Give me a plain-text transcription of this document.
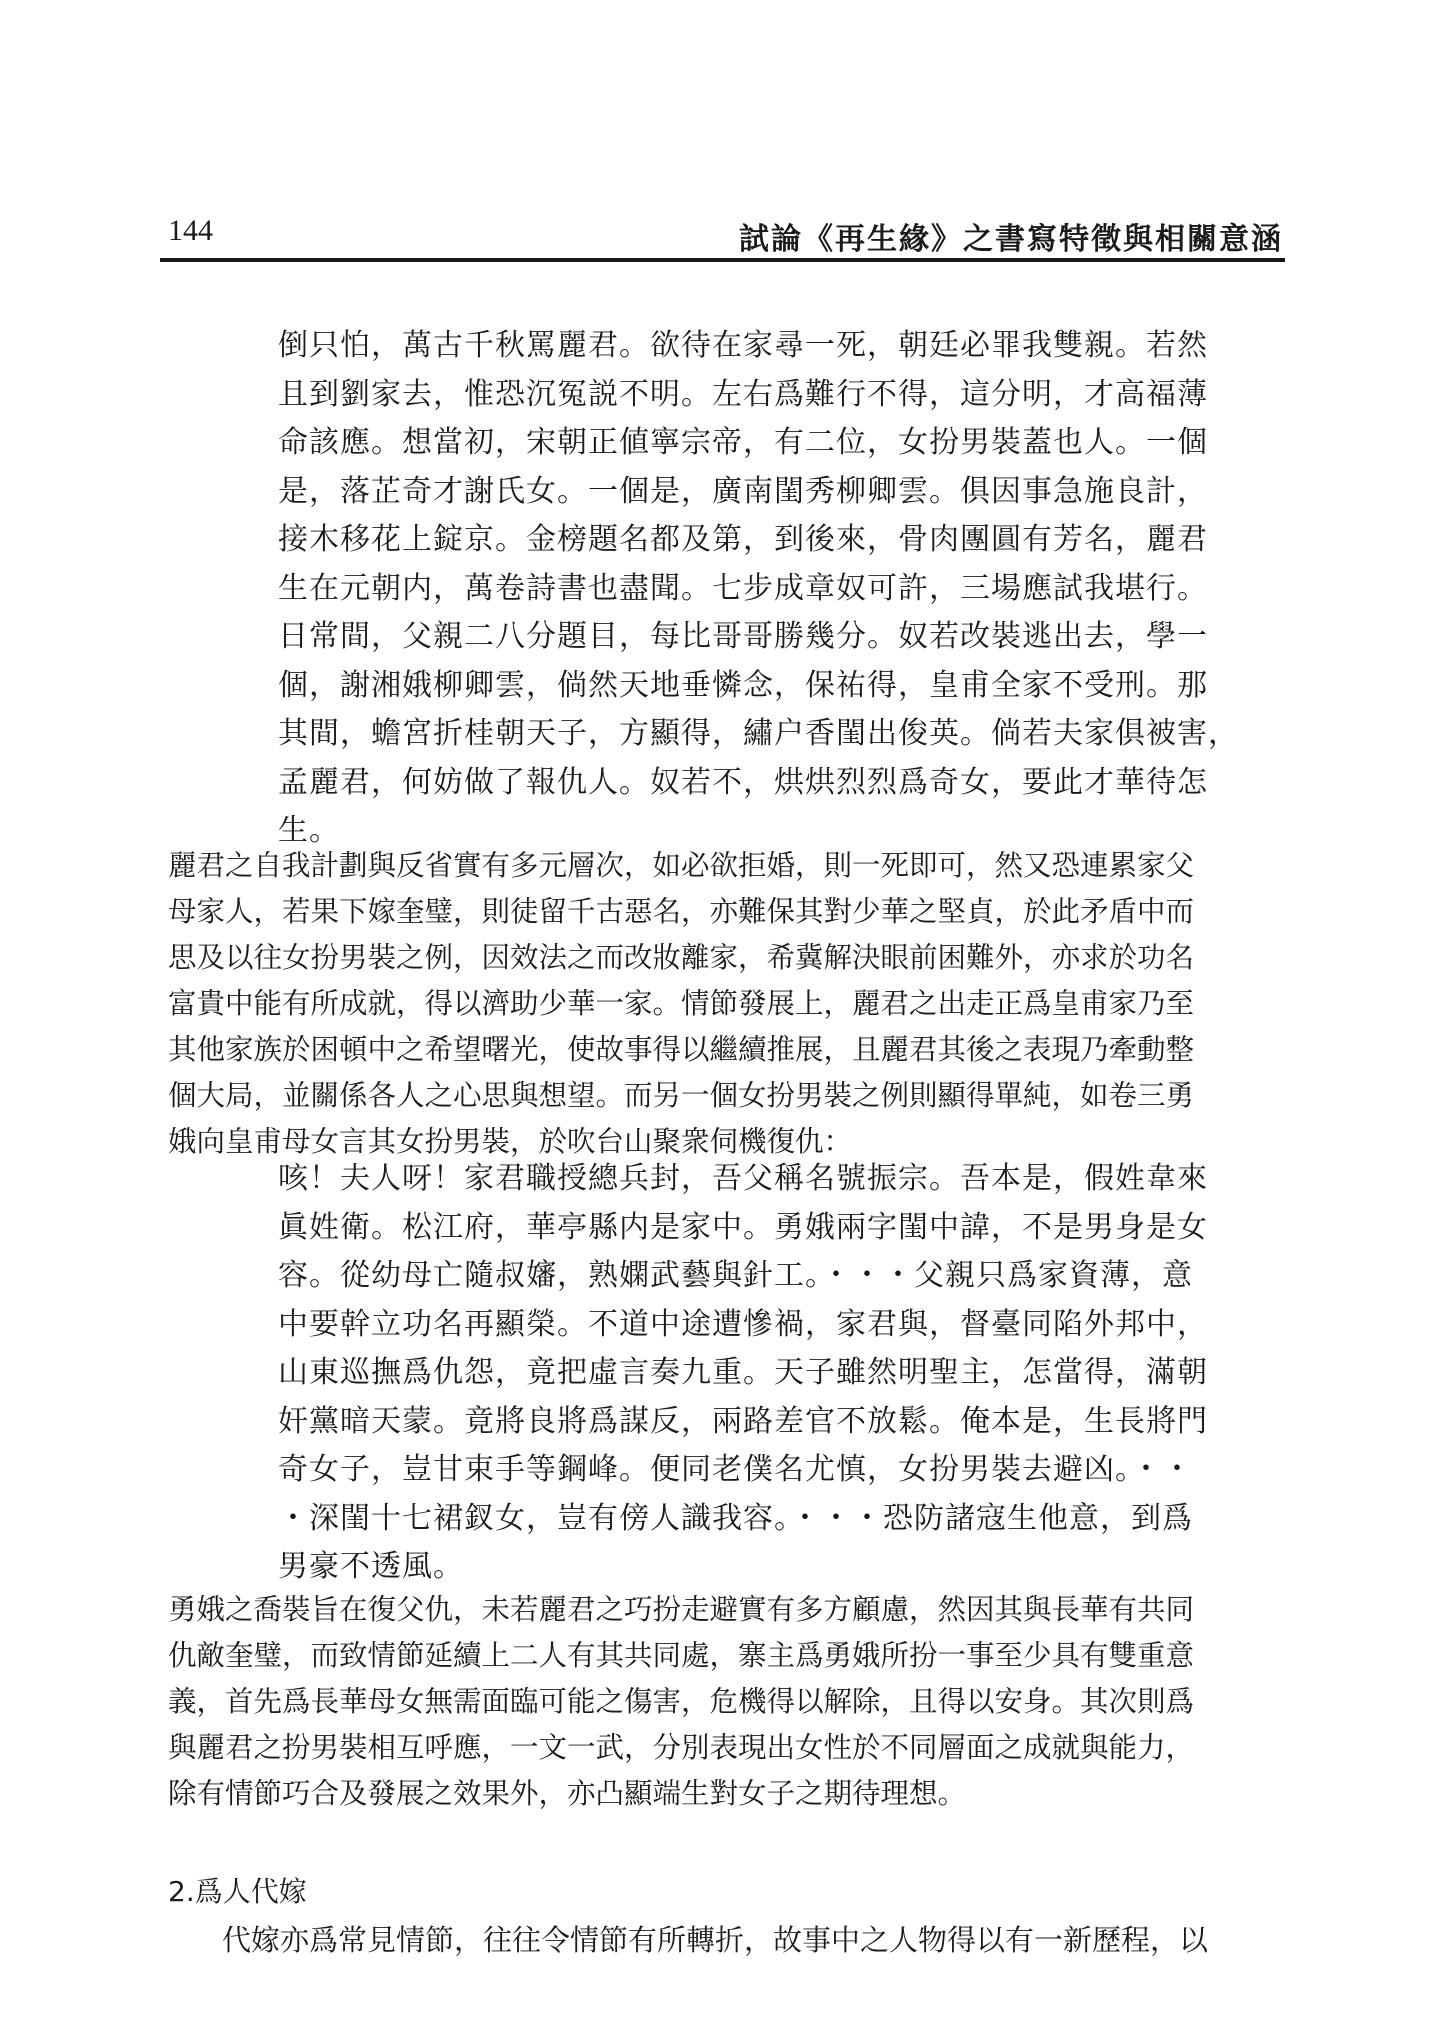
144	試論《再生緣》之書寫特徵與相關意涵
倒只怕，萬古千秋罵麗君。欲待在家尋一死，朝廷必罪我雙親。若然
且到劉家去，惟恐沉冤説不明。左右爲難行不得，這分明，才高福薄
命該應。想當初，宋朝正値寧宗帝，有二位，女扮男裝蓋也人。一個
是，落芷奇才謝氏女。一個是，廣南閨秀柳卿雲。俱因事急施良計，
接木移花上錠京。金榜題名都及第，到後來，骨肉團圓有芳名，麗君
生在元朝内，萬卷詩書也盡聞。七步成章奴可許，三場應試我堪行。
日常間，父親二八分題目，每比哥哥勝幾分。奴若改裝逃出去，學一
個，謝湘娥柳卿雲，倘然天地垂憐念，保祐得，皇甫全家不受刑。那
其間，蟾宮折桂朝天子，方顯得，繡户香閨出俊英。倘若夫家俱被害，
孟麗君，何妨做了報仇人。奴若不，烘烘烈烈爲奇女，要此才華待怎
生。
麗君之自我計劃與反省實有多元層次，如必欲拒婚，則一死即可，然又恐連累家父
母家人，若果下嫁奎璧，則徒留千古惡名，亦難保其對少華之堅貞，於此矛盾中而
思及以往女扮男裝之例，因效法之而改妝離家，希冀解決眼前困難外，亦求於功名
富貴中能有所成就，得以濟助少華一家。情節發展上，麗君之出走正爲皇甫家乃至
其他家族於困頓中之希望曙光，使故事得以繼續推展，且麗君其後之表現乃牽動整
個大局，並關係各人之心思與想望。而另一個女扮男裝之例則顯得單純，如卷三勇
娥向皇甫母女言其女扮男裝，於吹台山聚衆伺機復仇：
咳！夫人呀！家君職授總兵封，吾父稱名號振宗。吾本是，假姓韋來
眞姓衛。松江府，華亭縣内是家中。勇娥兩字閨中諱，不是男身是女
容。從幼母亡隨叔嬸，熟嫻武藝與針工。・・・父親只爲家資薄，意
中要幹立功名再顯榮。不道中途遭慘禍，家君與，督臺同陷外邦中，
山東巡撫爲仇怨，竟把虛言奏九重。天子雖然明聖主，怎當得，滿朝
奸黨暗天蒙。竟將良將爲謀反，兩路差官不放鬆。俺本是，生長將門
奇女子，豈甘束手等鋼峰。便同老僕名尤慎，女扮男裝去避凶。・・
・深閨十七裙釵女，豈有傍人識我容。・・・恐防諸寇生他意，到爲
男豪不透風。
勇娥之喬裝旨在復父仇，未若麗君之巧扮走避實有多方顧慮，然因其與長華有共同
仇敵奎璧，而致情節延續上二人有其共同處，寨主爲勇娥所扮一事至少具有雙重意
義，首先爲長華母女無需面臨可能之傷害，危機得以解除，且得以安身。其次則爲
與麗君之扮男裝相互呼應，一文一武，分別表現出女性於不同層面之成就與能力，
除有情節巧合及發展之效果外，亦凸顯端生對女子之期待理想。
2.爲人代嫁
代嫁亦爲常見情節，往往令情節有所轉折，故事中之人物得以有一新歷程，以
